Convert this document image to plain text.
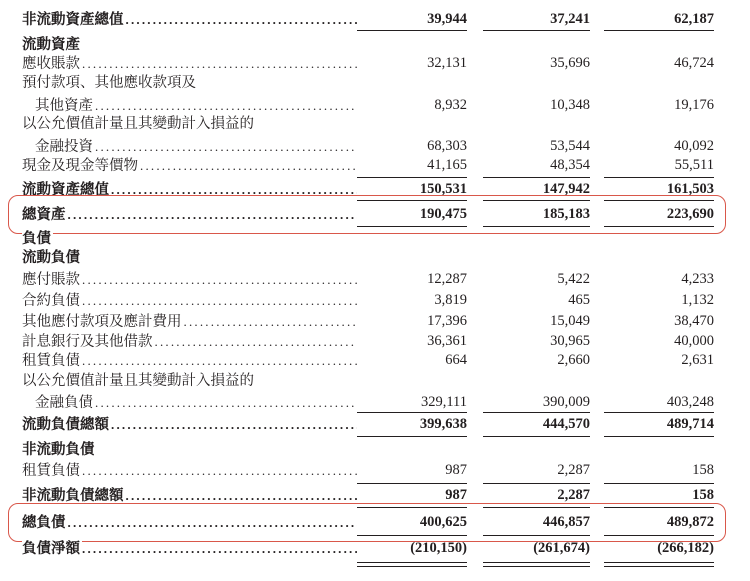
非流動資產總值 .....	39,944	37,241	62,187
流動資產
應收賬款 .....	32,131	35,696	46,724
預付款項、其他應收款項及
其他資產 .....	8,932	10,348	19,176
以公允價值計量且其變動計入損益的
金融投資 .....	68,303	53,544	40,092
現金及現金等價物 .....	41,165	48,354	55,511
流動資產總值 .....	150,531	147,942	161,503
總資產 .....	190,475	185,183	223,690
負債
流動負債
應付賬款 .....	12,287	5,422	4,233
合約負債 .....	3,819	465	1,132
其他應付款項及應計費用 .....	17,396	15,049	38,470
計息銀行及其他借款 .....	36,361	30,965	40,000
租賃負債 .....	664	2,660	2,631
以公允價值計量且其變動計入損益的
金融負債 .....	329,111	390,009	403,248
流動負債總額 .....	399,638	444,570	489,714
非流動負債
租賃負債 .....	987	2,287	158
非流動負債總額 .....	987	2,287	158
總負債 .....	400,625	446,857	489,872
負債淨額 .....	(210,150)	(261,674)	(266,182)
